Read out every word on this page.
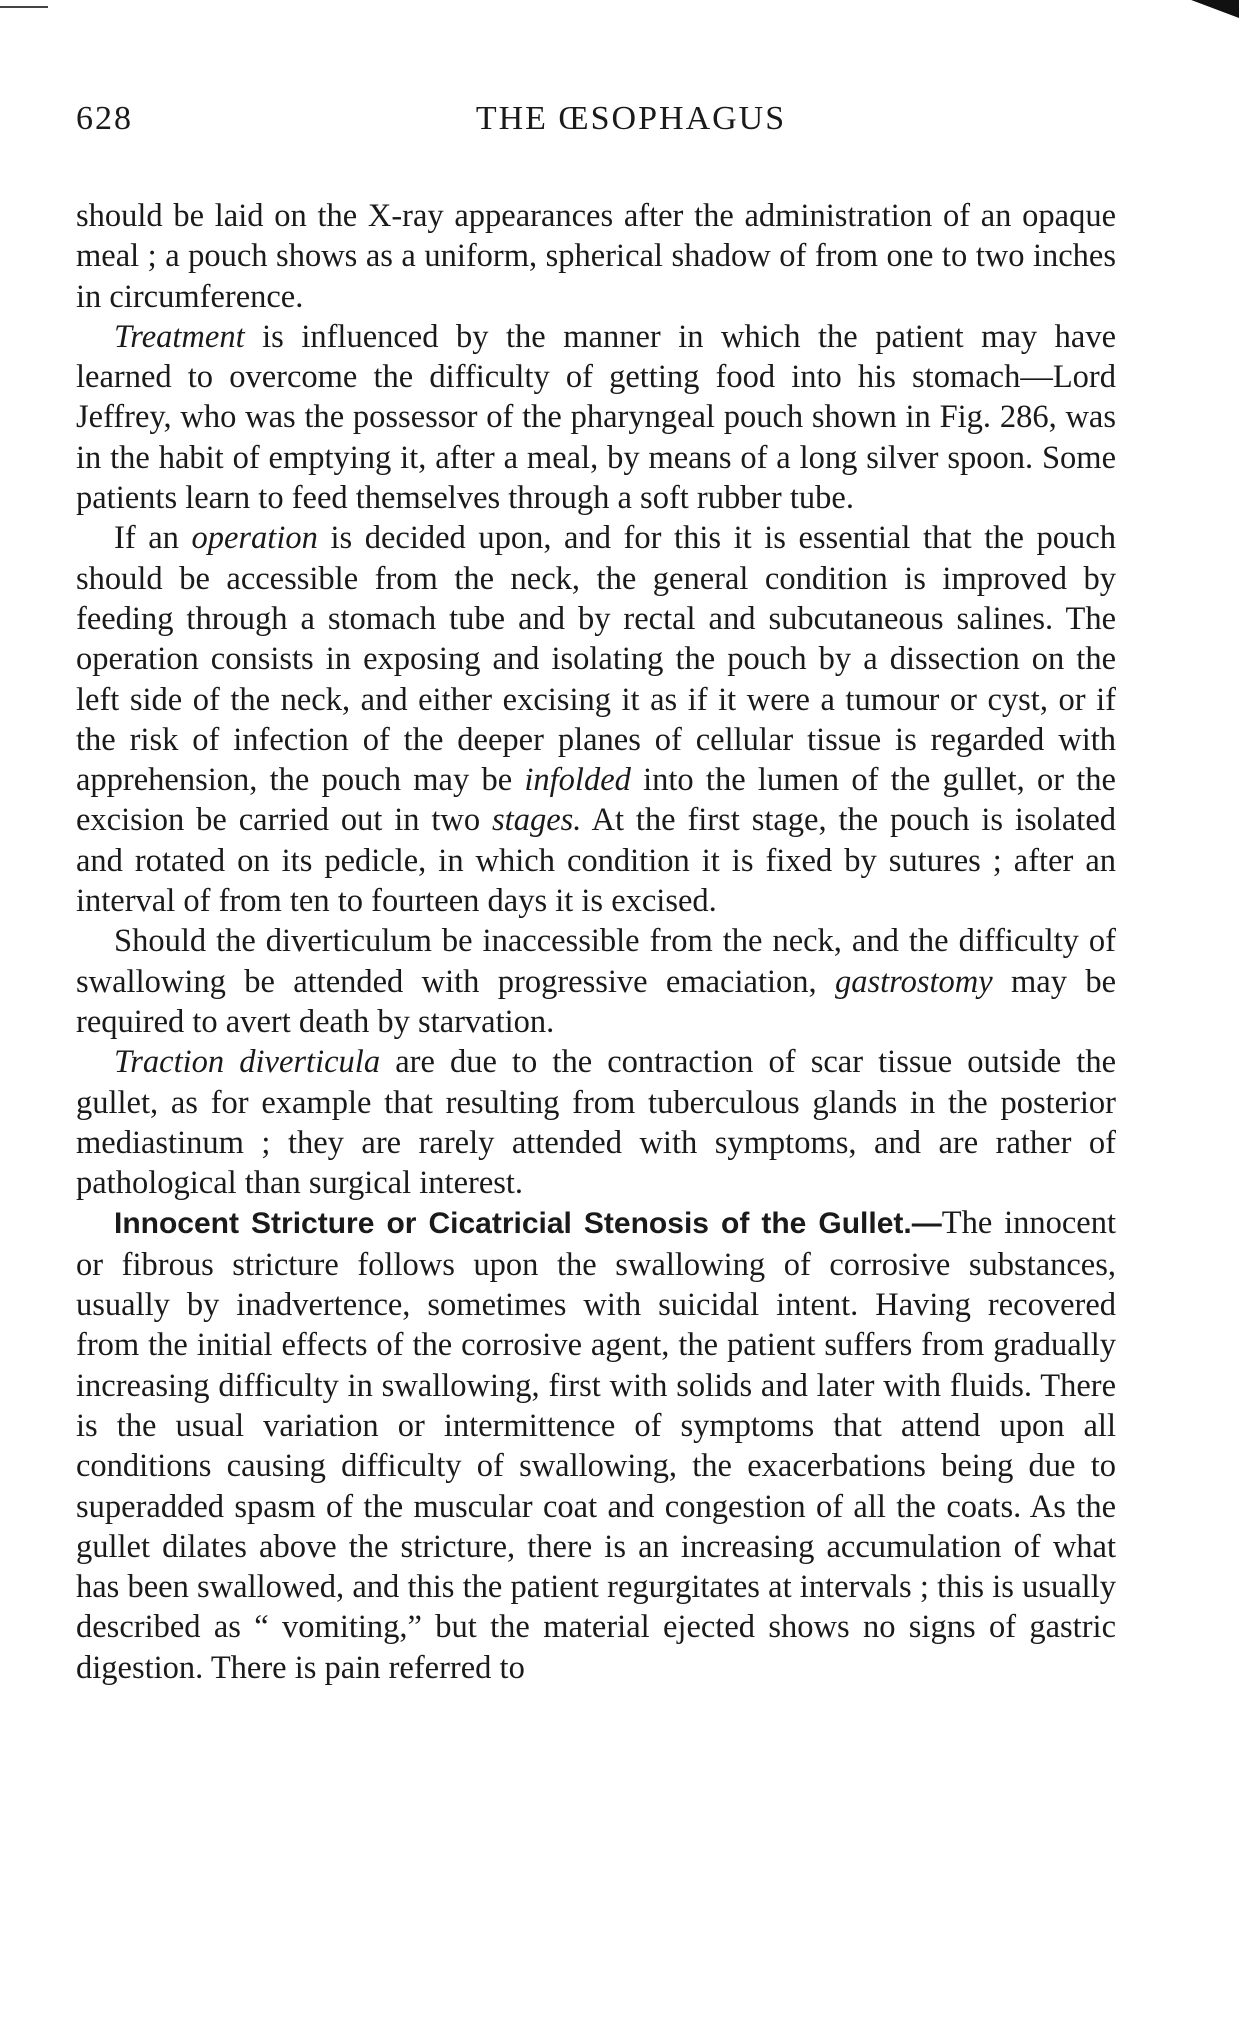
628	THE ŒSOPHAGUS

should be laid on the X-ray appearances after the administration of an opaque meal ; a pouch shows as a uniform, spherical shadow of from one to two inches in circumference.

Treatment is influenced by the manner in which the patient may have learned to overcome the difficulty of getting food into his stomach—Lord Jeffrey, who was the possessor of the pharyngeal pouch shown in Fig. 286, was in the habit of emptying it, after a meal, by means of a long silver spoon. Some patients learn to feed themselves through a soft rubber tube.

If an operation is decided upon, and for this it is essential that the pouch should be accessible from the neck, the general condition is improved by feeding through a stomach tube and by rectal and subcutaneous salines. The operation consists in exposing and isolating the pouch by a dissection on the left side of the neck, and either excising it as if it were a tumour or cyst, or if the risk of infection of the deeper planes of cellular tissue is regarded with apprehension, the pouch may be infolded into the lumen of the gullet, or the excision be carried out in two stages. At the first stage, the pouch is isolated and rotated on its pedicle, in which condition it is fixed by sutures ; after an interval of from ten to fourteen days it is excised.

Should the diverticulum be inaccessible from the neck, and the difficulty of swallowing be attended with progressive emaciation, gastrostomy may be required to avert death by starvation.

Traction diverticula are due to the contraction of scar tissue outside the gullet, as for example that resulting from tuberculous glands in the posterior mediastinum ; they are rarely attended with symptoms, and are rather of pathological than surgical interest.

Innocent Stricture or Cicatricial Stenosis of the Gullet.—The innocent or fibrous stricture follows upon the swallowing of corrosive substances, usually by inadvertence, sometimes with suicidal intent. Having recovered from the initial effects of the corrosive agent, the patient suffers from gradually increasing difficulty in swallowing, first with solids and later with fluids. There is the usual variation or intermittence of symptoms that attend upon all conditions causing difficulty of swallowing, the exacerbations being due to superadded spasm of the muscular coat and congestion of all the coats. As the gullet dilates above the stricture, there is an increasing accumulation of what has been swallowed, and this the patient regurgitates at intervals ; this is usually described as “ vomiting,” but the material ejected shows no signs of gastric digestion. There is pain referred to
